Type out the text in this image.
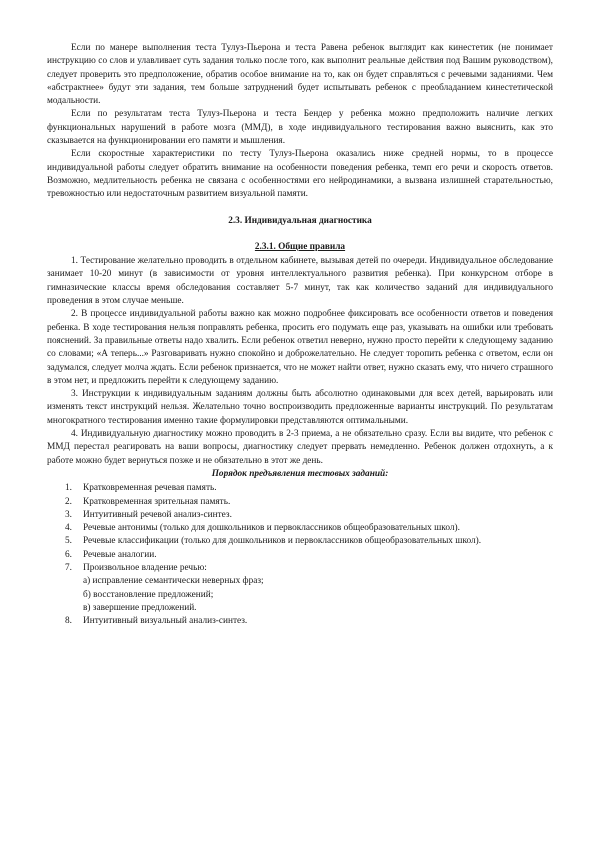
Если по манере выполнения теста Тулуз-Пьерона и теста Равена ребенок выглядит как кинестетик (не понимает инструкцию со слов и улавливает суть задания только после того, как выполнит реальные действия под Вашим руководством), следует проверить это предположение, обратив особое внимание на то, как он будет справляться с речевыми заданиями. Чем «абстрактнее» будут эти задания, тем больше затруднений будет испытывать ребенок с преобладанием кинестетической модальности.

Если по результатам теста Тулуз-Пьерона и теста Бендер у ребенка можно предположить наличие легких функциональных нарушений в работе мозга (ММД), в ходе индивидуального тестирования важно выяснить, как это сказывается на функционировании его памяти и мышления.

Если скоростные характеристики по тесту Тулуз-Пьерона оказались ниже средней нормы, то в процессе индивидуальной работы следует обратить внимание на особенности поведения ребенка, темп его речи и скорость ответов. Возможно, медлительность ребенка не связана с особенностями его нейродинамики, а вызвана излишней старательностью, тревожностью или недостаточным развитием визуальной памяти.

2.3. Индивидуальная диагностика

2.3.1. Общие правила

1. Тестирование желательно проводить в отдельном кабинете, вызывая детей по очереди. Индивидуальное обследование занимает 10-20 минут (в зависимости от уровня интеллектуального развития ребенка). При конкурсном отборе в гимназические классы время обследования составляет 5-7 минут, так как количество заданий для индивидуального проведения в этом случае меньше.

2. В процессе индивидуальной работы важно как можно подробнее фиксировать все особенности ответов и поведения ребенка. В ходе тестирования нельзя поправлять ребенка, просить его подумать еще раз, указывать на ошибки или требовать пояснений. За правильные ответы надо хвалить. Если ребенок ответил неверно, нужно просто перейти к следующему заданию со словами; «А теперь...» Разговаривать нужно спокойно и доброжелательно. Не следует торопить ребенка с ответом, если он задумался, следует молча ждать. Если ребенок признается, что не может найти ответ, нужно сказать ему, что ничего страшного в этом нет, и предложить перейти к следующему заданию.

3. Инструкции к индивидуальным заданиям должны быть абсолютно одинаковыми для всех детей, варьировать или изменять текст инструкций нельзя. Желательно точно воспроизводить предложенные варианты инструкций. По результатам многократного тестирования именно такие формулировки представляются оптимальными.

4. Индивидуальную диагностику можно проводить в 2-3 приема, а не обязательно сразу. Если вы видите, что ребенок с ММД перестал реагировать на ваши вопросы, диагностику следует прервать немедленно. Ребенок должен отдохнуть, а к работе можно будет вернуться позже и не обязательно в этот же день.

Порядок предъявления тестовых заданий:

1. Кратковременная речевая память.
2. Кратковременная зрительная память.
3. Интуитивный речевой анализ-синтез.
4. Речевые антонимы (только для дошкольников и первоклассников общеобразовательных школ).
5. Речевые классификации (только для дошкольников и первоклассников общеобразовательных школ).
6. Речевые аналогии.
7. Произвольное владение речью:

а) исправление семантически неверных фраз;

б) восстановление предложений;

в) завершение предложений.

8. Интуитивный визуальный анализ-синтез.
